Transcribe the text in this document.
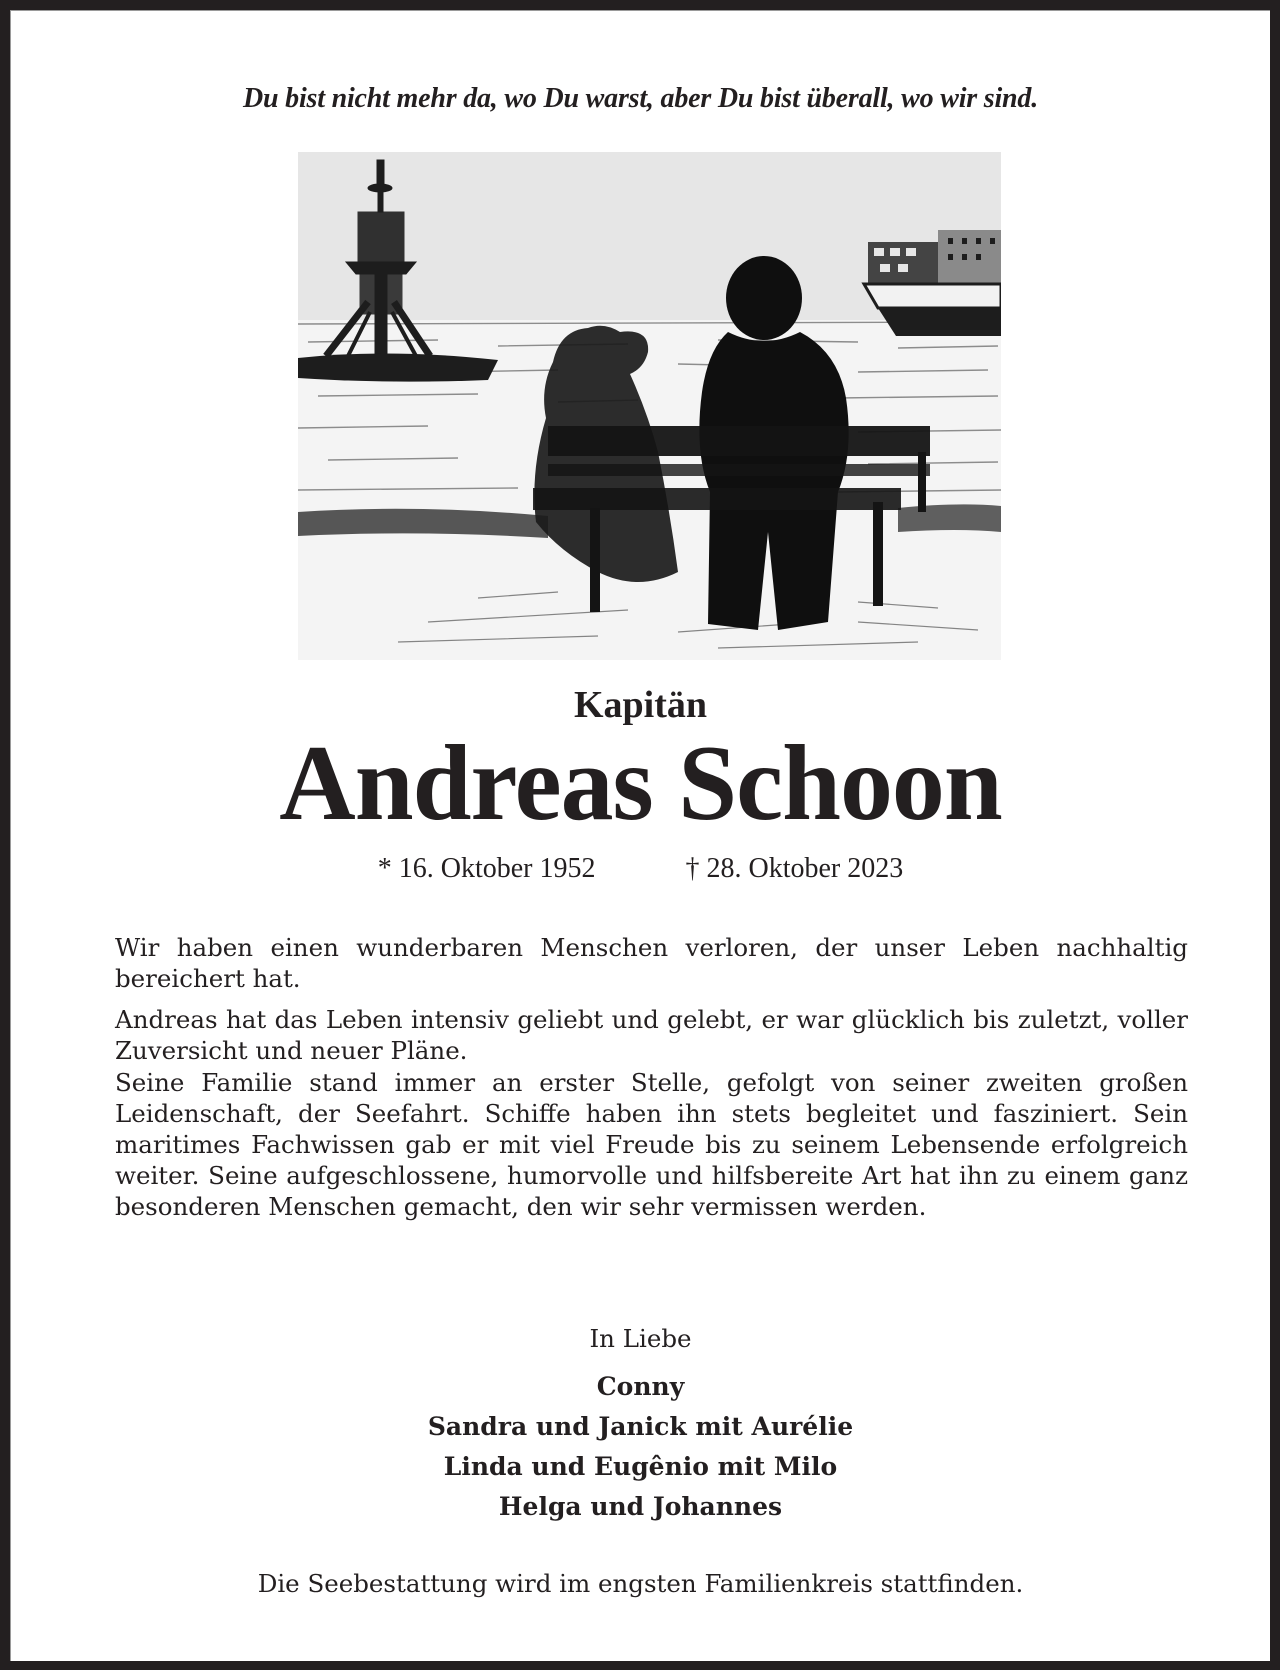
Du bist nicht mehr da, wo Du warst, aber Du bist überall, wo wir sind.
Kapitän
Andreas Schoon
* 16. Oktober 1952	† 28. Oktober 2023

Wir haben einen wunderbaren Menschen verloren, der unser Leben nachhaltig bereichert hat.

Andreas hat das Leben intensiv geliebt und gelebt, er war glücklich bis zuletzt, voller Zuversicht und neuer Pläne.

Seine Familie stand immer an erster Stelle, gefolgt von seiner zweiten großen Leidenschaft, der Seefahrt. Schiffe haben ihn stets begleitet und fasziniert. Sein maritimes Fachwissen gab er mit viel Freude bis zu seinem Lebensende erfolgreich weiter. Seine aufgeschlossene, humorvolle und hilfsbereite Art hat ihn zu einem ganz besonderen Menschen gemacht, den wir sehr vermissen werden.

In Liebe
Conny
Sandra und Janick mit Aurélie
Linda und Eugênio mit Milo
Helga und Johannes
Die Seebestattung wird im engsten Familienkreis stattfinden.
